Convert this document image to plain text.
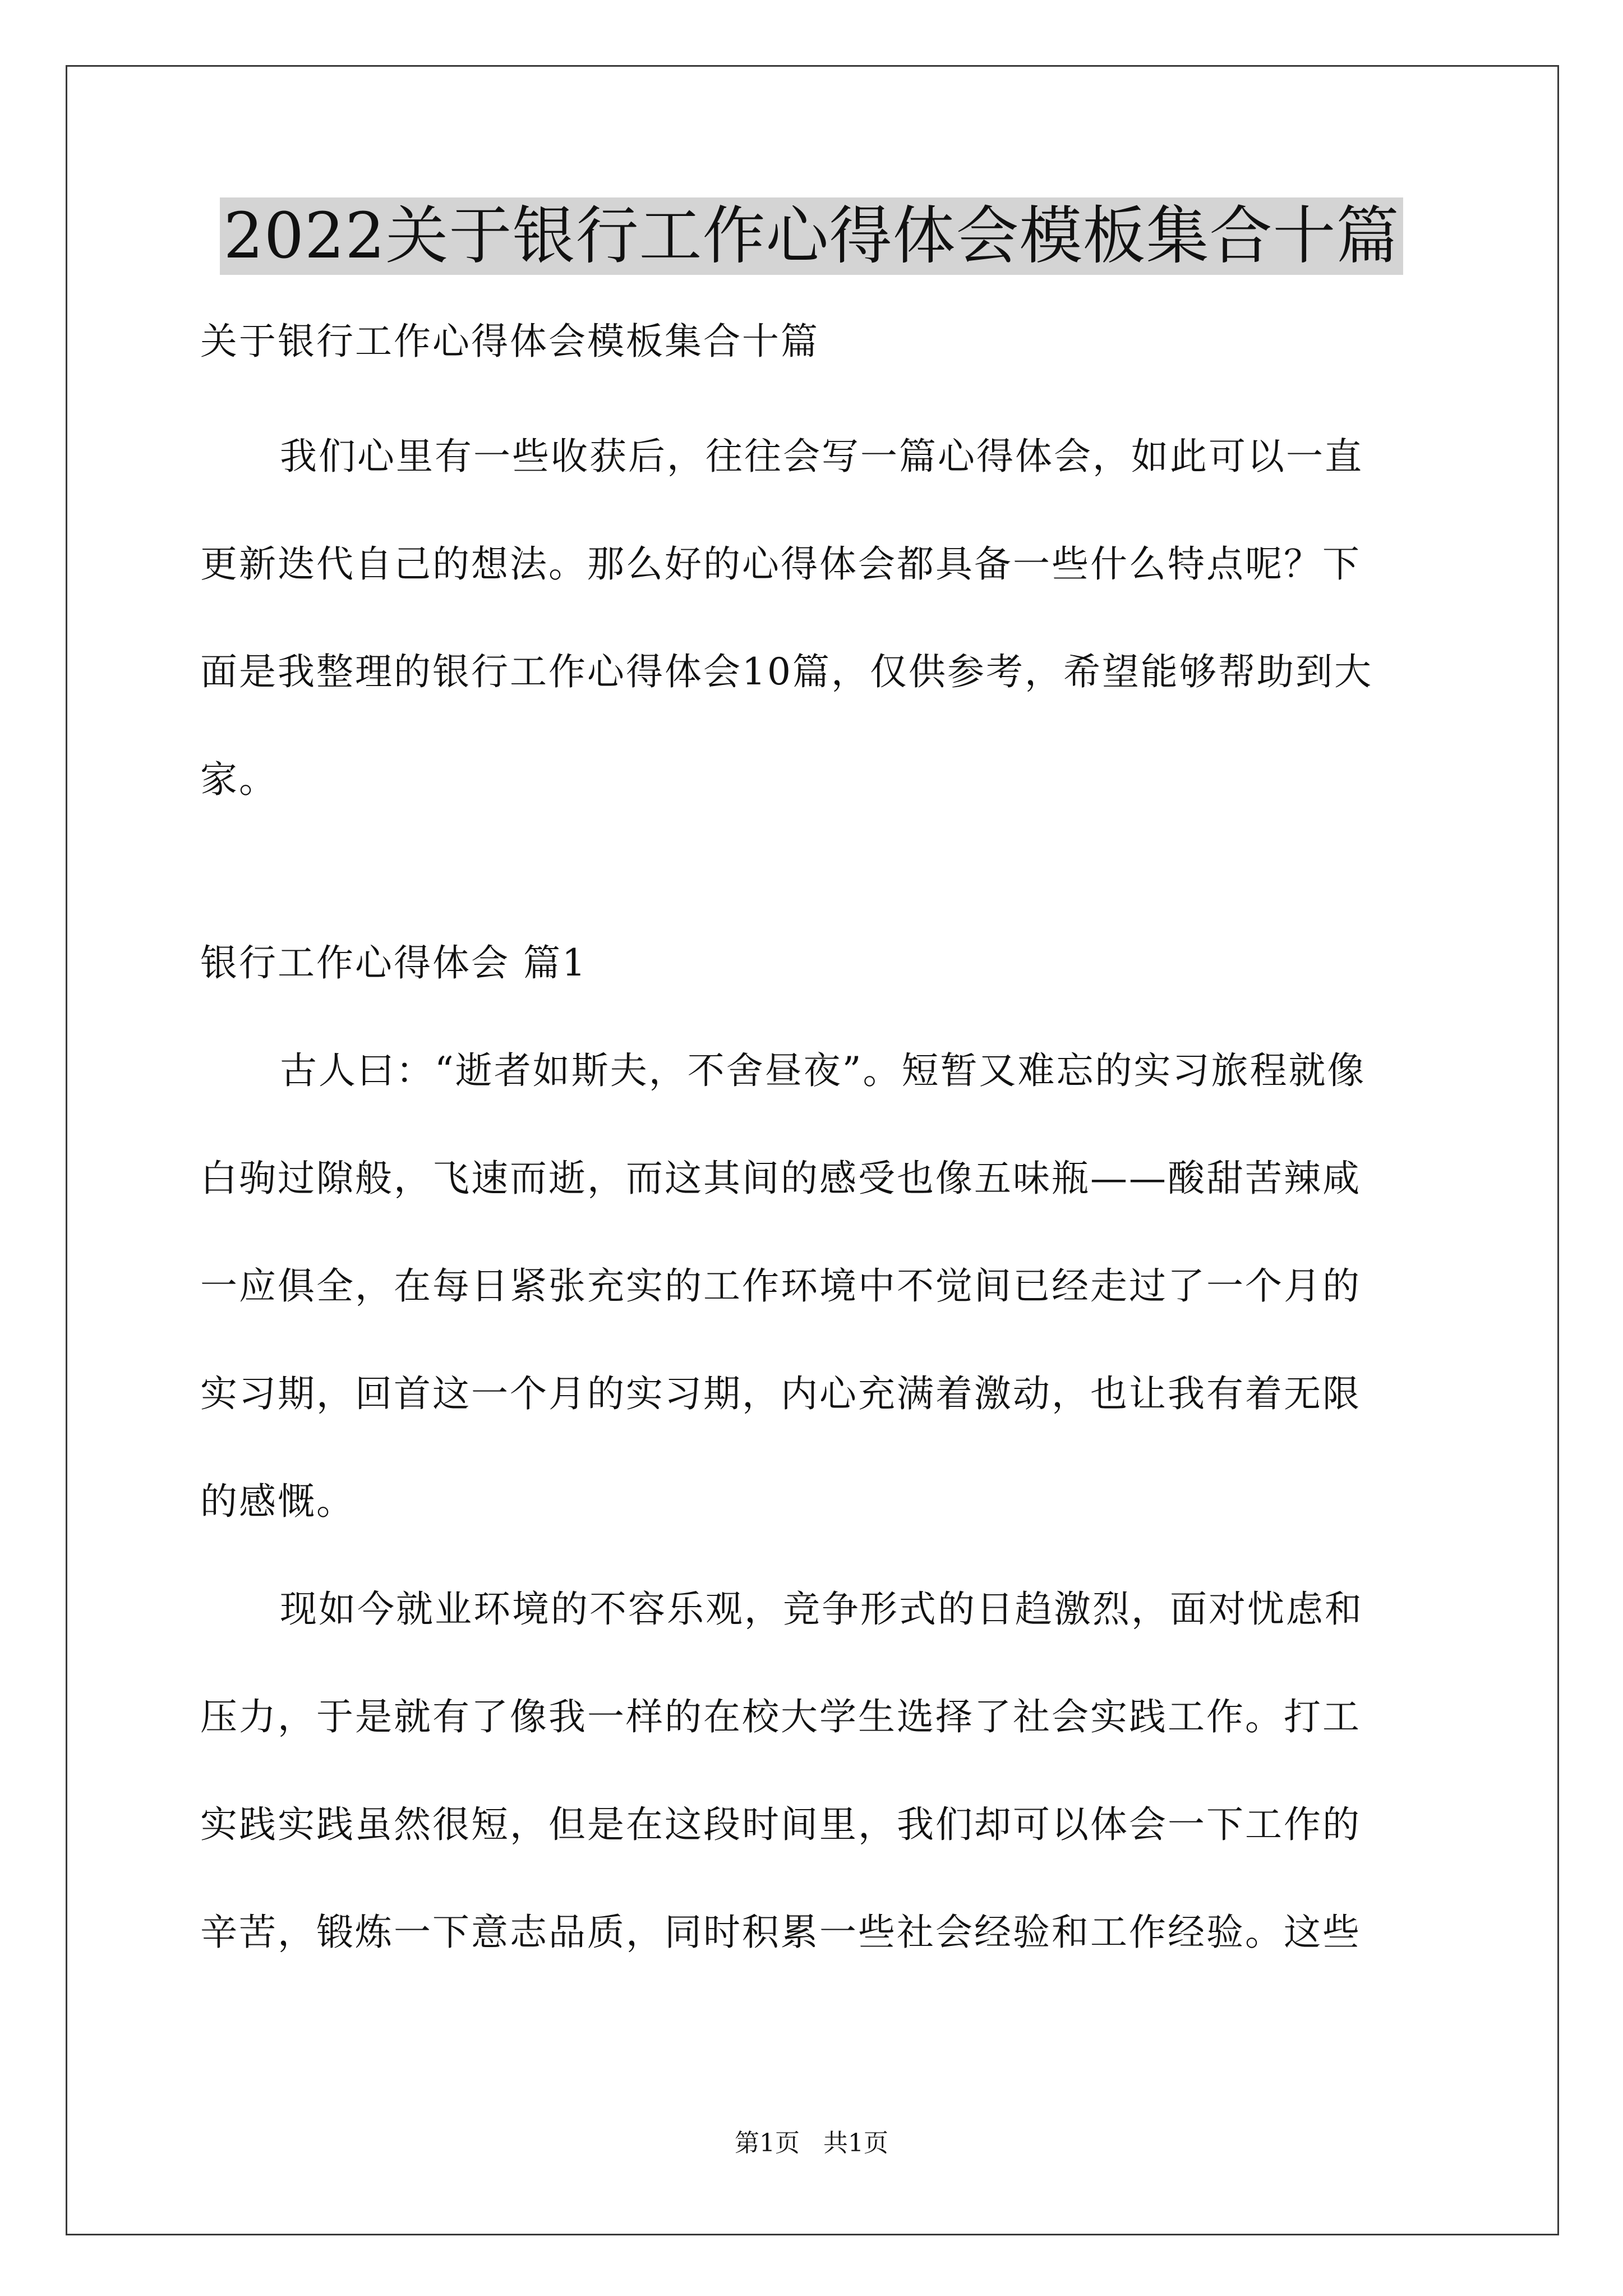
2022关于银行工作心得体会模板集合十篇
关于银行工作心得体会模板集合十篇
我们心里有一些收获后，往往会写一篇心得体会，如此可以一直
更新迭代自己的想法。那么好的心得体会都具备一些什么特点呢？下
面是我整理的银行工作心得体会10篇，仅供参考，希望能够帮助到大
家。
银行工作心得体会 篇1
古人曰：“逝者如斯夫，不舍昼夜”。短暂又难忘的实习旅程就像
白驹过隙般，飞速而逝，而这其间的感受也像五味瓶——酸甜苦辣咸
一应俱全，在每日紧张充实的工作环境中不觉间已经走过了一个月的
实习期，回首这一个月的实习期，内心充满着激动，也让我有着无限
的感慨。
现如今就业环境的不容乐观，竞争形式的日趋激烈，面对忧虑和
压力，于是就有了像我一样的在校大学生选择了社会实践工作。打工
实践实践虽然很短，但是在这段时间里，我们却可以体会一下工作的
辛苦，锻炼一下意志品质，同时积累一些社会经验和工作经验。这些
第1页   共1页
